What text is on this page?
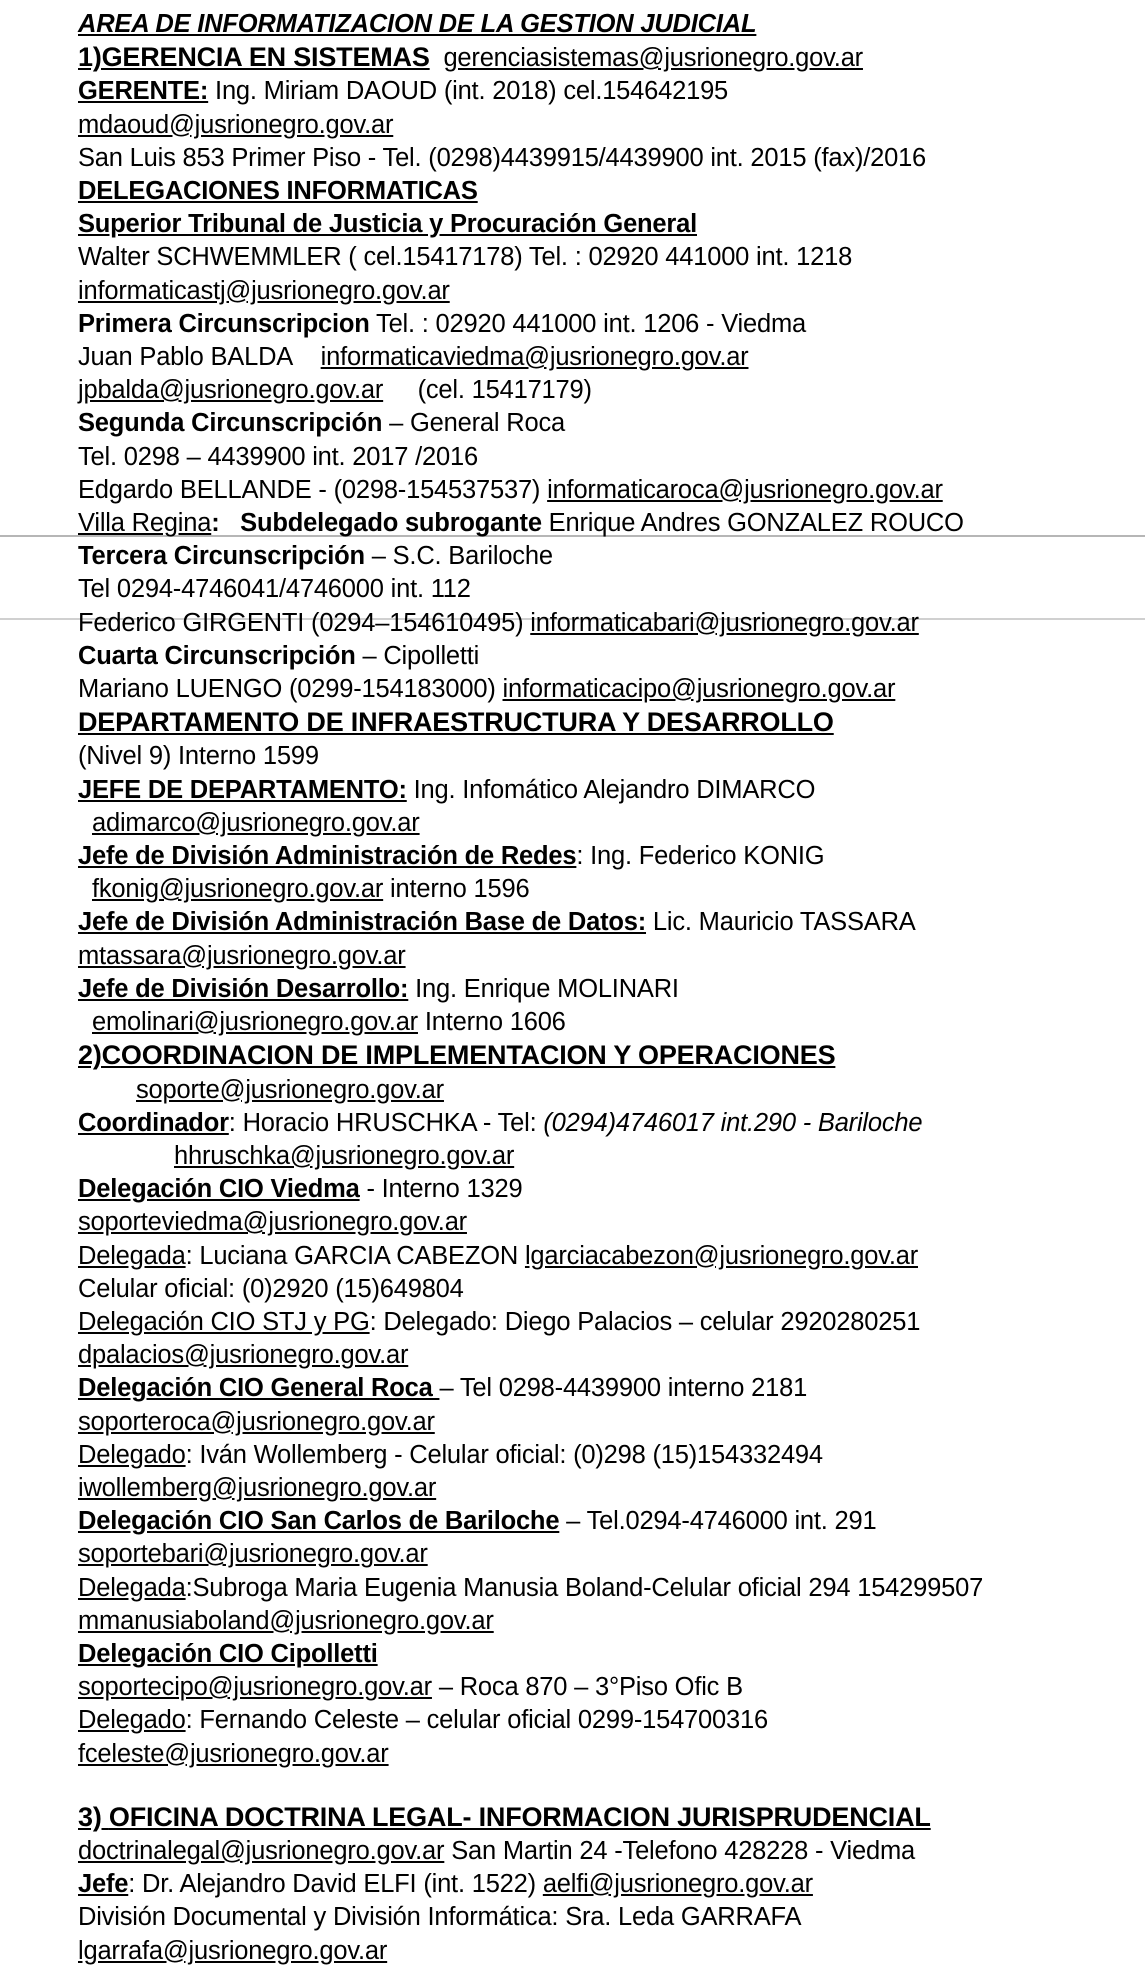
AREA DE INFORMATIZACION DE LA GESTION JUDICIAL
1)GERENCIA EN SISTEMAS gerenciasistemas@jusrionegro.gov.ar
GERENTE: Ing. Miriam DAOUD (int. 2018) cel.154642195
mdaoud@jusrionegro.gov.ar
San Luis 853 Primer Piso - Tel. (0298)4439915/4439900 int. 2015 (fax)/2016
DELEGACIONES INFORMATICAS
Superior Tribunal de Justicia y Procuración General
Walter SCHWEMMLER ( cel.15417178) Tel. : 02920 441000 int. 1218
informaticastj@jusrionegro.gov.ar
Primera Circunscripcion Tel. : 02920 441000 int. 1206 - Viedma
Juan Pablo BALDA informaticaviedma@jusrionegro.gov.ar
jpbalda@jusrionegro.gov.ar (cel. 15417179)
Segunda Circunscripción – General Roca
Tel. 0298 – 4439900 int. 2017 /2016
Edgardo BELLANDE - (0298-154537537) informaticaroca@jusrionegro.gov.ar
Villa Regina: Subdelegado subrogante Enrique Andres GONZALEZ ROUCO
Tercera Circunscripción – S.C. Bariloche
Tel 0294-4746041/4746000 int. 112
Federico GIRGENTI (0294–154610495) informaticabari@jusrionegro.gov.ar
Cuarta Circunscripción – Cipolletti
Mariano LUENGO (0299-154183000) informaticacipo@jusrionegro.gov.ar
DEPARTAMENTO DE INFRAESTRUCTURA Y DESARROLLO
(Nivel 9) Interno 1599
JEFE DE DEPARTAMENTO: Ing. Infomático Alejandro DIMARCO
adimarco@jusrionegro.gov.ar
Jefe de División Administración de Redes: Ing. Federico KONIG
fkonig@jusrionegro.gov.ar interno 1596
Jefe de División Administración Base de Datos: Lic. Mauricio TASSARA
mtassara@jusrionegro.gov.ar
Jefe de División Desarrollo: Ing. Enrique MOLINARI
emolinari@jusrionegro.gov.ar Interno 1606
2)COORDINACION DE IMPLEMENTACION Y OPERACIONES
soporte@jusrionegro.gov.ar
Coordinador: Horacio HRUSCHKA - Tel: (0294)4746017 int.290 - Bariloche
hhruschka@jusrionegro.gov.ar
Delegación CIO Viedma - Interno 1329
soporteviedma@jusrionegro.gov.ar
Delegada: Luciana GARCIA CABEZON lgarciacabezon@jusrionegro.gov.ar
Celular oficial: (0)2920 (15)649804
Delegación CIO STJ y PG: Delegado: Diego Palacios – celular 2920280251
dpalacios@jusrionegro.gov.ar
Delegación CIO General Roca – Tel 0298-4439900 interno 2181
soporteroca@jusrionegro.gov.ar
Delegado: Iván Wollemberg - Celular oficial: (0)298 (15)154332494
iwollemberg@jusrionegro.gov.ar
Delegación CIO San Carlos de Bariloche – Tel.0294-4746000 int. 291
soportebari@jusrionegro.gov.ar
Delegada:Subroga Maria Eugenia Manusia Boland-Celular oficial 294 154299507
mmanusiaboland@jusrionegro.gov.ar
Delegación CIO Cipolletti
soportecipo@jusrionegro.gov.ar – Roca 870 – 3°Piso Ofic B
Delegado: Fernando Celeste – celular oficial 0299-154700316
fceleste@jusrionegro.gov.ar
3) OFICINA DOCTRINA LEGAL- INFORMACION JURISPRUDENCIAL
doctrinalegal@jusrionegro.gov.ar San Martin 24 -Telefono 428228 - Viedma
Jefe: Dr. Alejandro David ELFI (int. 1522) aelfi@jusrionegro.gov.ar
División Documental y División Informática: Sra. Leda GARRAFA
lgarrafa@jusrionegro.gov.ar
